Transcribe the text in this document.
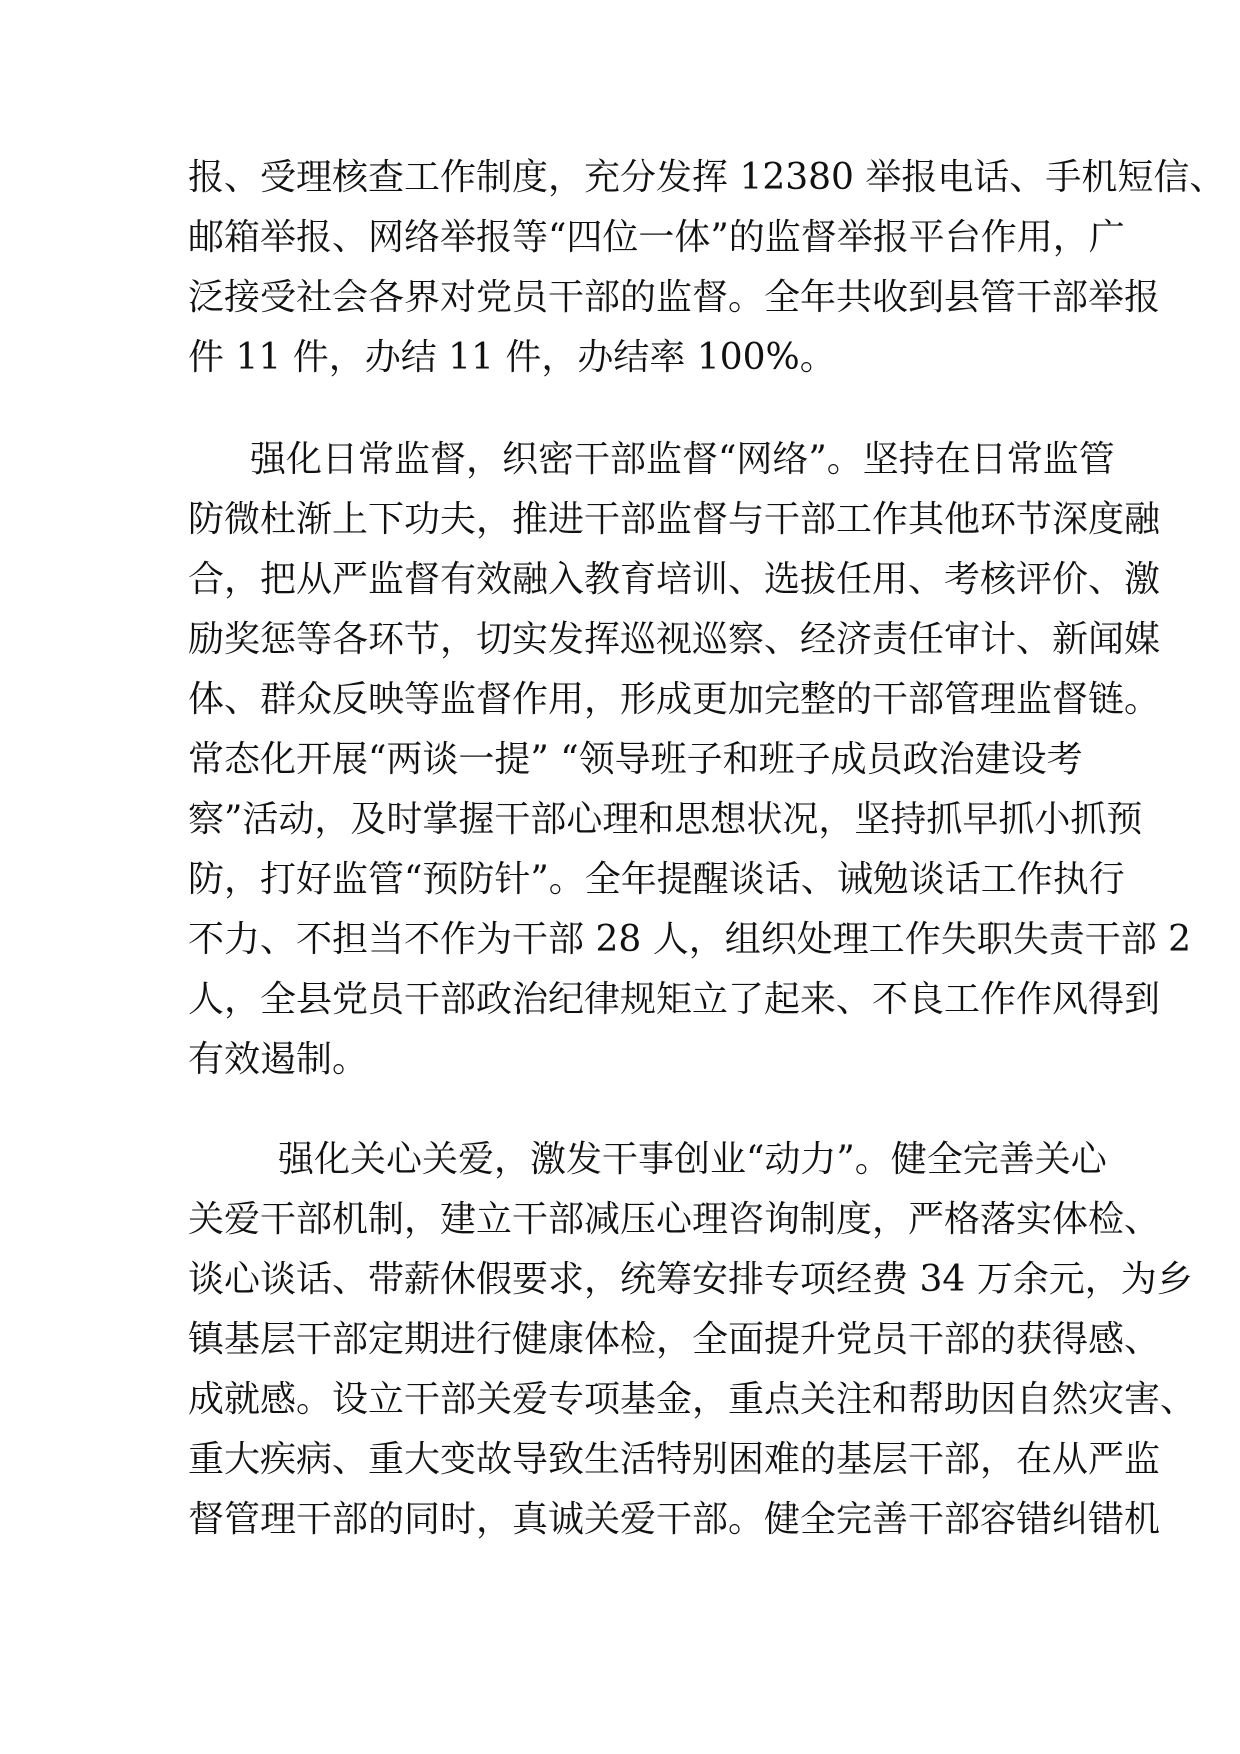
报、受理核查工作制度，充分发挥 12380 举报电话、手机短信、
邮箱举报、网络举报等“四位一体”的监督举报平台作用，广
泛接受社会各界对党员干部的监督。全年共收到县管干部举报
件 11 件，办结 11 件，办结率 100%。
强化日常监督，织密干部监督“网络”。坚持在日常监管
防微杜渐上下功夫，推进干部监督与干部工作其他环节深度融
合，把从严监督有效融入教育培训、选拔任用、考核评价、激
励奖惩等各环节，切实发挥巡视巡察、经济责任审计、新闻媒
体、群众反映等监督作用，形成更加完整的干部管理监督链。
常态化开展“两谈一提” “领导班子和班子成员政治建设考
察”活动，及时掌握干部心理和思想状况，坚持抓早抓小抓预
防，打好监管“预防针”。全年提醒谈话、诫勉谈话工作执行
不力、不担当不作为干部 28 人，组织处理工作失职失责干部 2
人，全县党员干部政治纪律规矩立了起来、不良工作作风得到
有效遏制。
强化关心关爱，激发干事创业“动力”。健全完善关心
关爱干部机制，建立干部减压心理咨询制度，严格落实体检、
谈心谈话、带薪休假要求，统筹安排专项经费 34 万余元，为乡
镇基层干部定期进行健康体检，全面提升党员干部的获得感、
成就感。设立干部关爱专项基金，重点关注和帮助因自然灾害、
重大疾病、重大变故导致生活特别困难的基层干部，在从严监
督管理干部的同时，真诚关爱干部。健全完善干部容错纠错机
